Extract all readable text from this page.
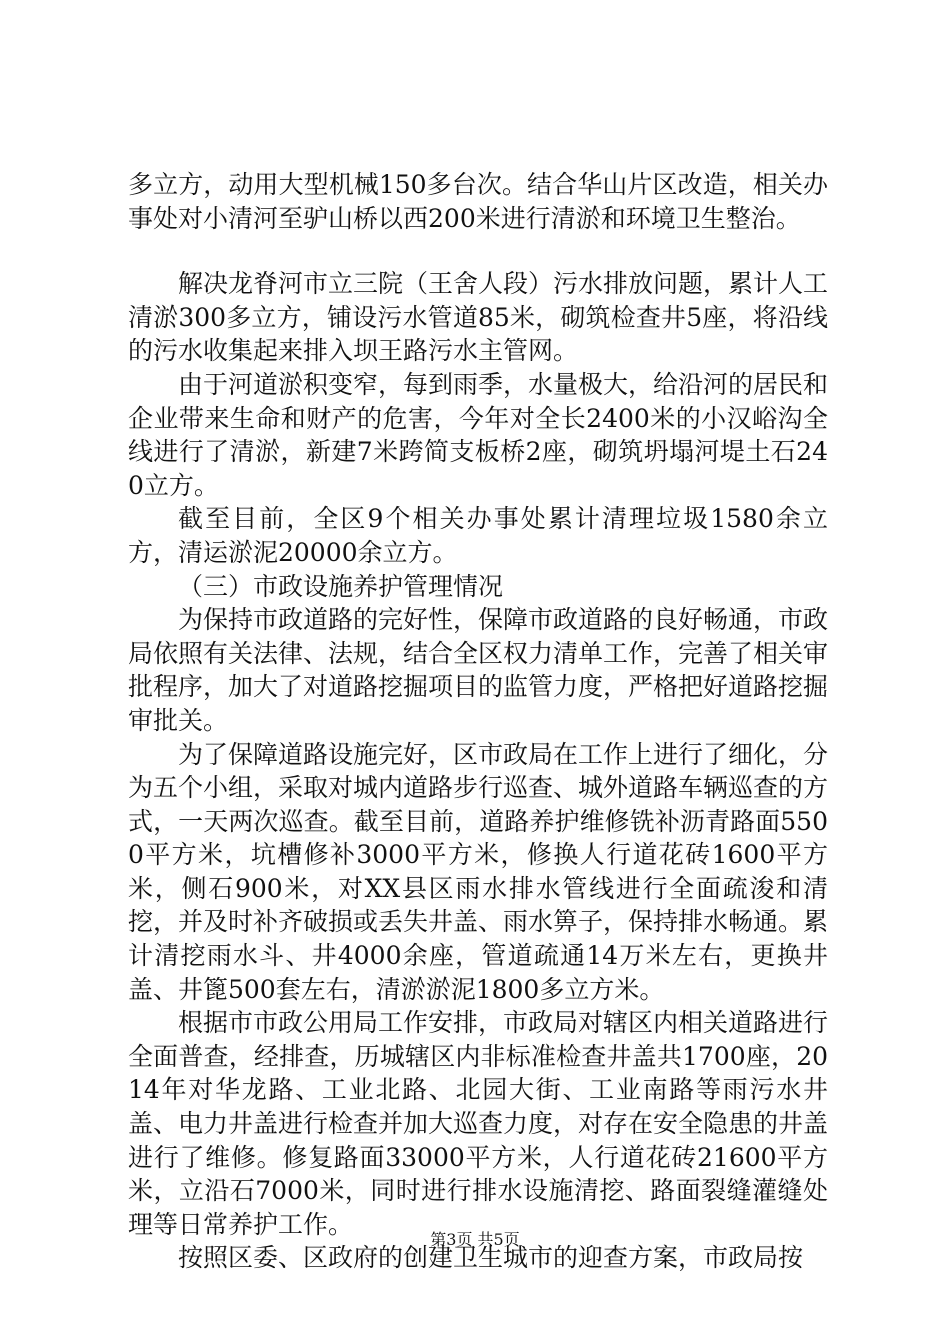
多立方，动用大型机械150多台次。结合华山片区改造，相关办事处对小清河至驴山桥以西200米进行清淤和环境卫生整治。

解决龙脊河市立三院（王舍人段）污水排放问题，累计人工清淤300多立方，铺设污水管道85米，砌筑检查井5座，将沿线的污水收集起来排入坝王路污水主管网。

由于河道淤积变窄，每到雨季，水量极大，给沿河的居民和企业带来生命和财产的危害，今年对全长2400米的小汉峪沟全线进行了清淤，新建7米跨简支板桥2座，砌筑坍塌河堤土石240立方。

截至目前，全区9个相关办事处累计清理垃圾1580余立方，清运淤泥20000余立方。

（三）市政设施养护管理情况

为保持市政道路的完好性，保障市政道路的良好畅通，市政局依照有关法律、法规，结合全区权力清单工作，完善了相关审批程序，加大了对道路挖掘项目的监管力度，严格把好道路挖掘审批关。

为了保障道路设施完好，区市政局在工作上进行了细化，分为五个小组，采取对城内道路步行巡查、城外道路车辆巡查的方式，一天两次巡查。截至目前，道路养护维修铣补沥青路面5500平方米，坑槽修补3000平方米，修换人行道花砖1600平方米，侧石900米，对XX县区雨水排水管线进行全面疏浚和清挖，并及时补齐破损或丢失井盖、雨水箅子，保持排水畅通。累计清挖雨水斗、井4000余座，管道疏通14万米左右，更换井盖、井篦500套左右，清淤淤泥1800多立方米。

根据市市政公用局工作安排，市政局对辖区内相关道路进行全面普查，经排查，历城辖区内非标准检查井盖共1700座，2014年对华龙路、工业北路、北园大街、工业南路等雨污水井盖、电力井盖进行检查并加大巡查力度，对存在安全隐患的井盖进行了维修。修复路面33000平方米，人行道花砖21600平方米，立沿石7000米，同时进行排水设施清挖、路面裂缝灌缝处理等日常养护工作。

按照区委、区政府的创建卫生城市的迎查方案，市政局按

第3页 共5页
